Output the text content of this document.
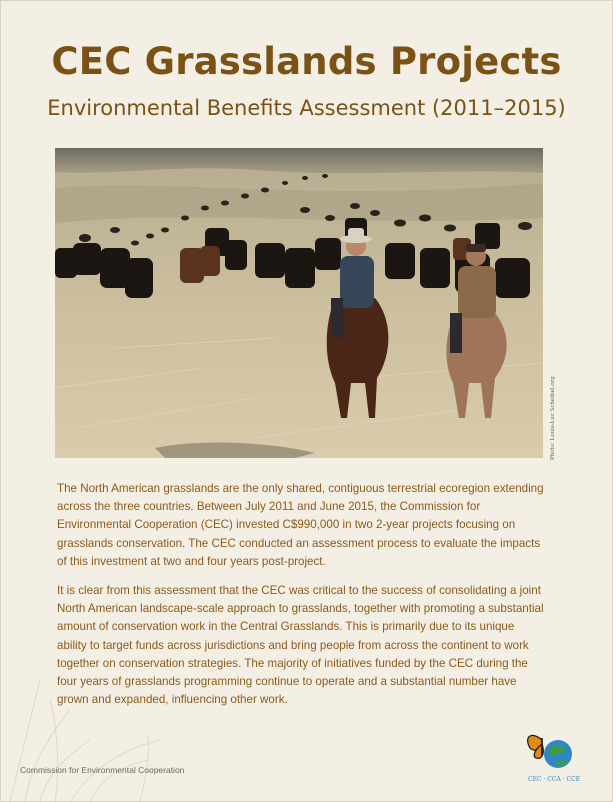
CEC Grasslands Projects
Environmental Benefits Assessment (2011–2015)
Photo: Louis-Luc Scheibel.org

The North American grasslands are the only shared, contiguous terrestrial ecoregion extending across the three countries. Between July 2011 and June 2015, the Commission for Environmental Cooperation (CEC) invested C$990,000 in two 2-year projects focusing on grasslands conservation. The CEC conducted an assessment process to evaluate the impacts of this investment at two and four years post-project.

It is clear from this assessment that the CEC was critical to the success of consolidating a joint North American landscape-scale approach to grasslands, together with promoting a substantial amount of conservation work in the Central Grasslands. This is primarily due to its unique ability to target funds across jurisdictions and bring people from across the continent to work together on conservation strategies. The majority of initiatives funded by the CEC during the four years of grasslands programming continue to operate and a substantial number have grown and expanded, influencing other work.

Commission for Environmental Cooperation
CEC · CCA · CCE
